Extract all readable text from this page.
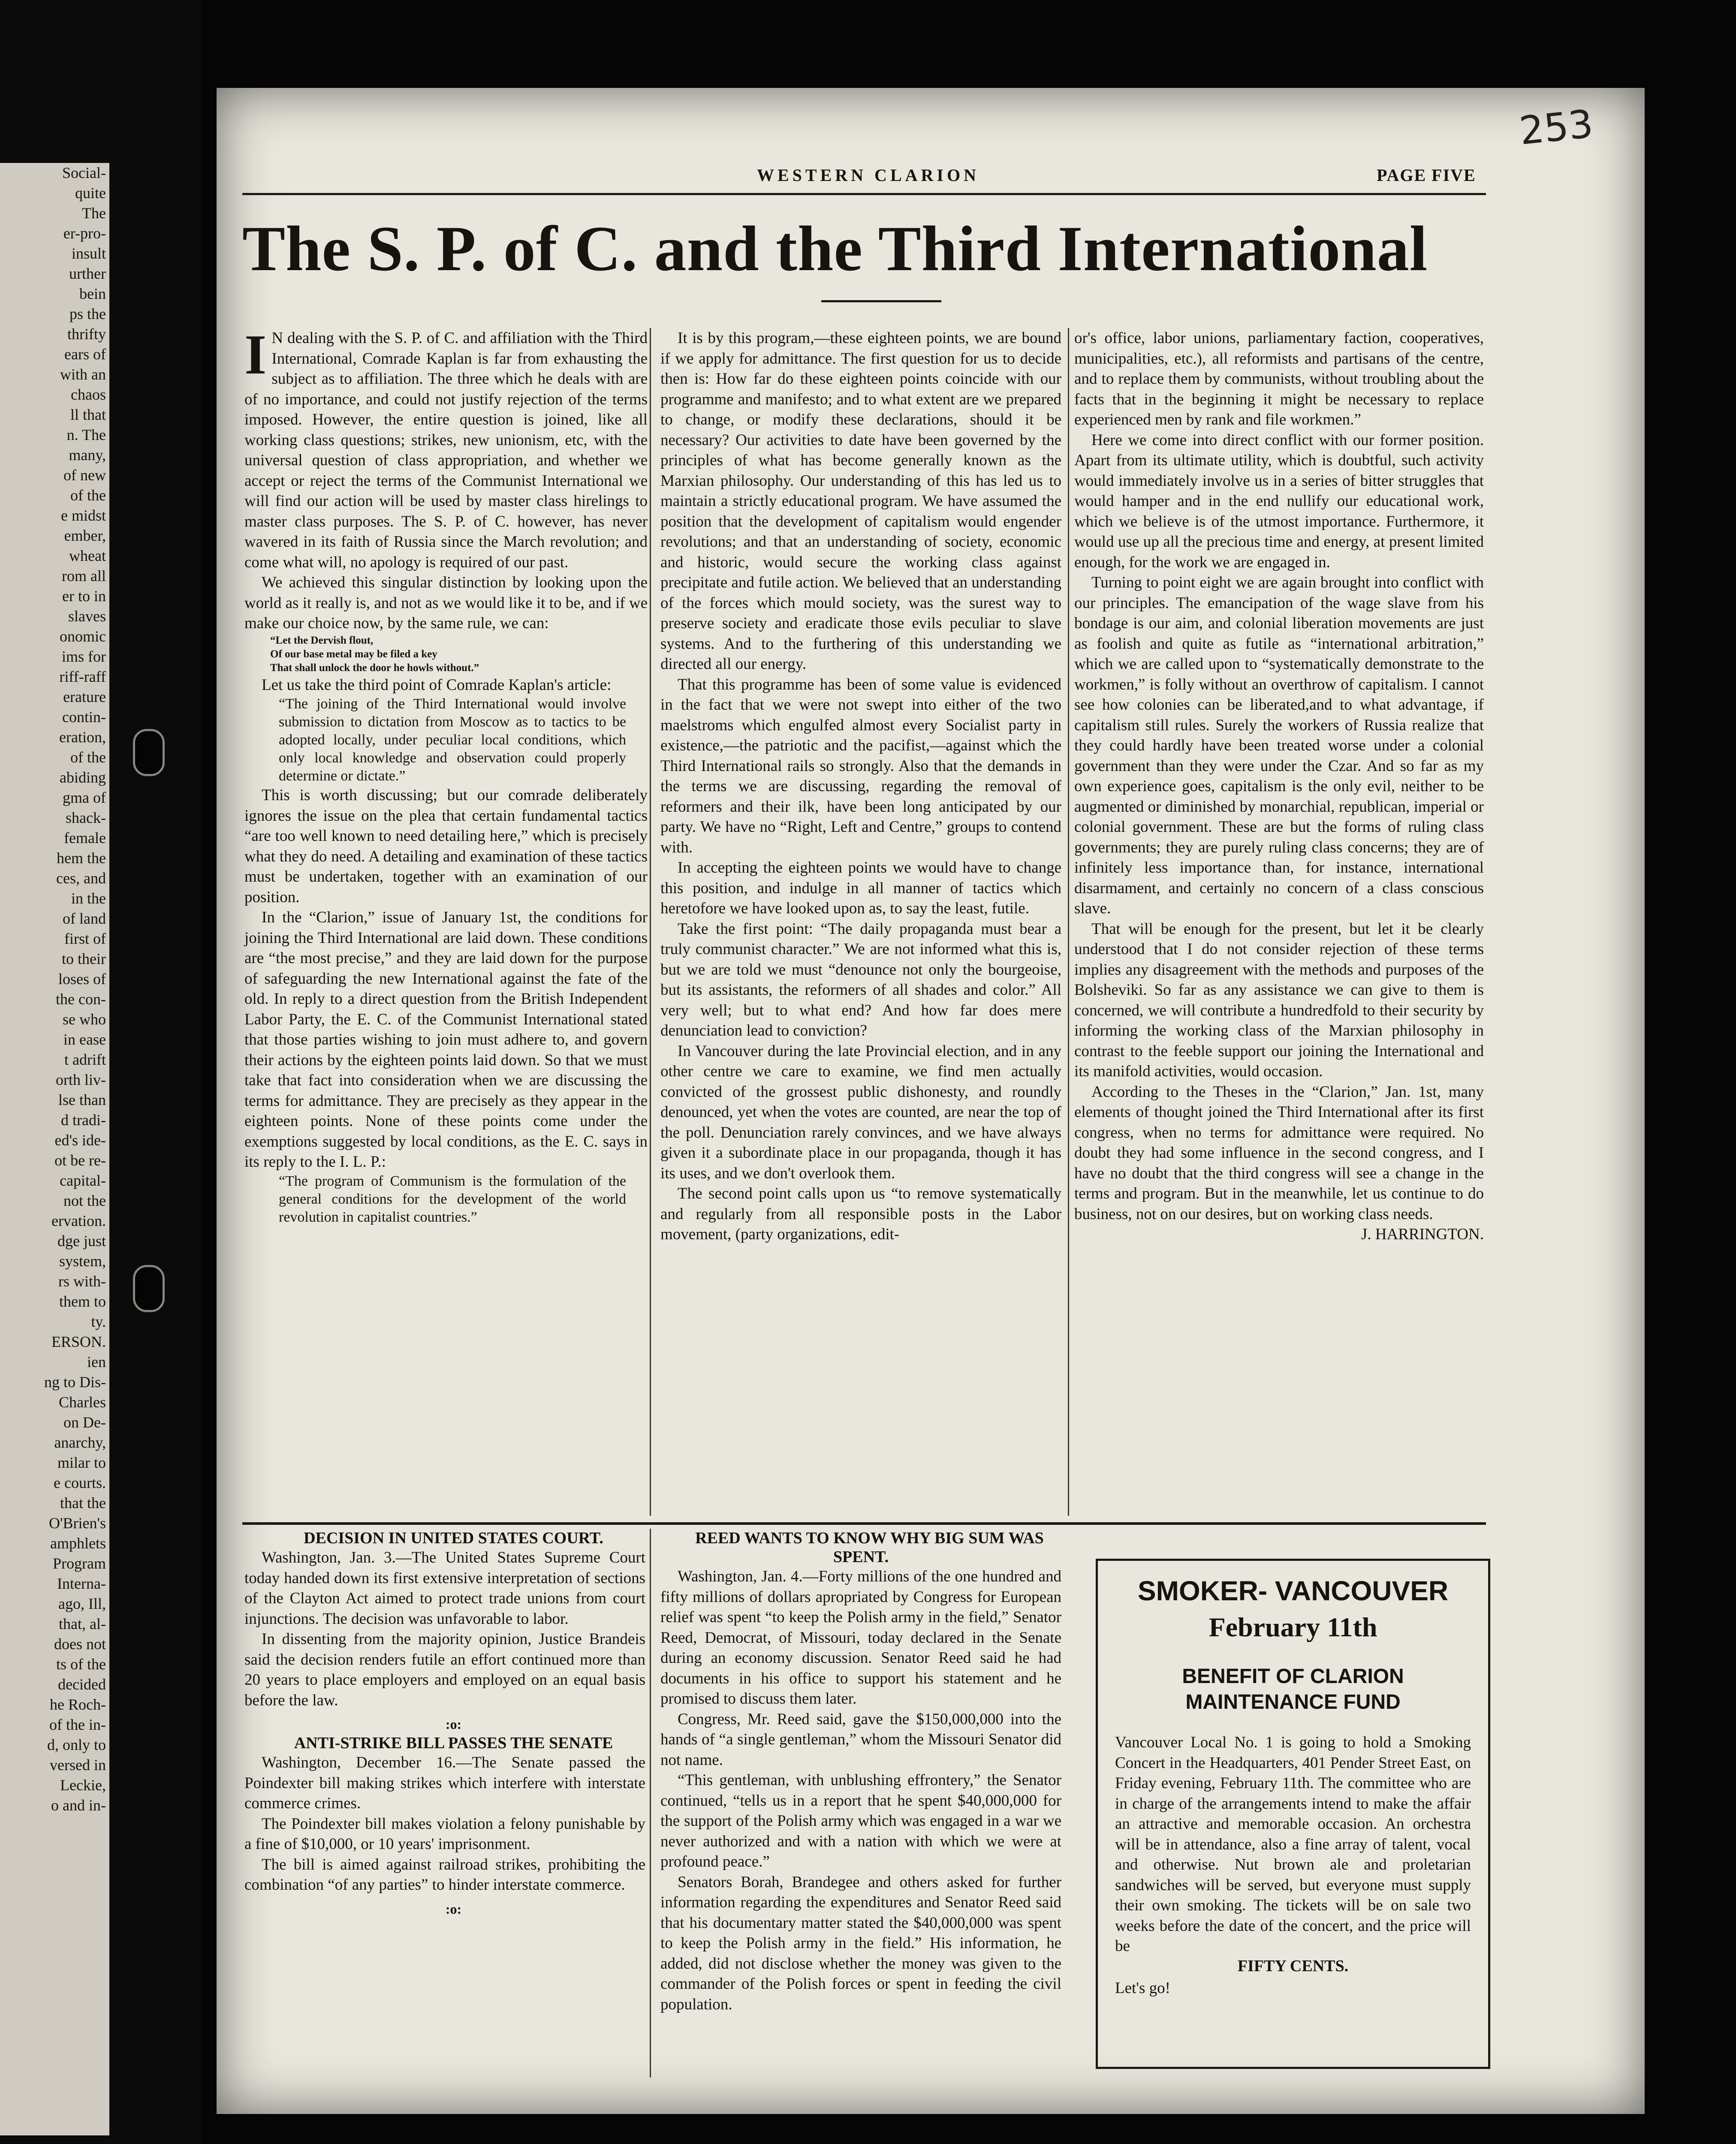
Social-
quite
The
er-pro-
insult
urther
bein
ps the
thrifty
ears of
with an
chaos
ll that
n. The
many,
of new
of the
e midst
ember,
wheat
rom all
er to in
slaves
onomic
ims for
riff-raff
erature
contin-
eration,
of the
abiding
gma of
shack-
female
hem the
ces, and
in the
of land
first of
to their
loses of
the con-
se who
in ease
t adrift
orth liv-
lse than
d tradi-
ed's ide-
ot be re-
capital-
not the
ervation.
dge just
system,
rs with-
them to
ty.
ERSON.
ien
ng to Dis-
Charles
on De-
anarchy,
milar to
e courts.
that the
O'Brien's
amphlets
Program
Interna-
ago, Ill,
that, al-
does not
ts of the
decided
he Roch-
of the in-
d, only to
versed in
Leckie,
o and in-
253
WESTERN CLARION	PAGE FIVE
The S. P. of C. and the Third International

I N dealing with the S. P. of C. and affiliation with the Third International, Comrade Kaplan is far from exhausting the subject as to affiliation. The three which he deals with are of no importance, and could not justify rejection of the terms imposed. However, the entire question is joined, like all working class questions; strikes, new unionism, etc, with the universal question of class appropriation, and whether we accept or reject the terms of the Communist International we will find our action will be used by master class hirelings to master class purposes. The S. P. of C. however, has never wavered in its faith of Russia since the March revolution; and come what will, no apology is required of our past.

We achieved this singular distinction by looking upon the world as it really is, and not as we would like it to be, and if we make our choice now, by the same rule, we can:

“Let the Dervish flout,

Of our base metal may be filed a key

That shall unlock the door he howls without.”

Let us take the third point of Comrade Kaplan's article:

“The joining of the Third International would involve submission to dictation from Moscow as to tactics to be adopted locally, under peculiar local conditions, which only local knowledge and observation could properly determine or dictate.”

This is worth discussing; but our comrade deliberately ignores the issue on the plea that certain fundamental tactics “are too well known to need detailing here,” which is precisely what they do need. A detailing and examination of these tactics must be undertaken, together with an examination of our position.

In the “Clarion,” issue of January 1st, the conditions for joining the Third International are laid down. These conditions are “the most precise,” and they are laid down for the purpose of safeguarding the new International against the fate of the old. In reply to a direct question from the British Independent Labor Party, the E. C. of the Communist International stated that those parties wishing to join must adhere to, and govern their actions by the eighteen points laid down. So that we must take that fact into consideration when we are discussing the terms for admittance. They are precisely as they appear in the eighteen points. None of these points come under the exemptions suggested by local conditions, as the E. C. says in its reply to the I. L. P.:

“The program of Communism is the formulation of the general conditions for the development of the world revolution in capitalist countries.”

It is by this program,—these eighteen points, we are bound if we apply for admittance. The first question for us to decide then is: How far do these eighteen points coincide with our programme and manifesto; and to what extent are we prepared to change, or modify these declarations, should it be necessary? Our activities to date have been governed by the principles of what has become generally known as the Marxian philosophy. Our understanding of this has led us to maintain a strictly educational program. We have assumed the position that the development of capitalism would engender revolutions; and that an understanding of society, economic and historic, would secure the working class against precipitate and futile action. We believed that an understanding of the forces which mould society, was the surest way to preserve society and eradicate those evils peculiar to slave systems. And to the furthering of this understanding we directed all our energy.

That this programme has been of some value is evidenced in the fact that we were not swept into either of the two maelstroms which engulfed almost every Socialist party in existence,—the patriotic and the pacifist,—against which the Third International rails so strongly. Also that the demands in the terms we are discussing, regarding the removal of reformers and their ilk, have been long anticipated by our party. We have no “Right, Left and Centre,” groups to contend with.

In accepting the eighteen points we would have to change this position, and indulge in all manner of tactics which heretofore we have looked upon as, to say the least, futile.

Take the first point: “The daily propaganda must bear a truly communist character.” We are not informed what this is, but we are told we must “denounce not only the bourgeoise, but its assistants, the reformers of all shades and color.” All very well; but to what end? And how far does mere denunciation lead to conviction?

In Vancouver during the late Provincial election, and in any other centre we care to examine, we find men actually convicted of the grossest public dishonesty, and roundly denounced, yet when the votes are counted, are near the top of the poll. Denunciation rarely convinces, and we have always given it a subordinate place in our propaganda, though it has its uses, and we don't overlook them.

The second point calls upon us “to remove systematically and regularly from all responsible posts in the Labor movement, (party organizations, edit-

or's office, labor unions, parliamentary faction, cooperatives, municipalities, etc.), all reformists and partisans of the centre, and to replace them by communists, without troubling about the facts that in the beginning it might be necessary to replace experienced men by rank and file workmen.”

Here we come into direct conflict with our former position. Apart from its ultimate utility, which is doubtful, such activity would immediately involve us in a series of bitter struggles that would hamper and in the end nullify our educational work, which we believe is of the utmost importance. Furthermore, it would use up all the precious time and energy, at present limited enough, for the work we are engaged in.

Turning to point eight we are again brought into conflict with our principles. The emancipation of the wage slave from his bondage is our aim, and colonial liberation movements are just as foolish and quite as futile as “international arbitration,” which we are called upon to “systematically demonstrate to the workmen,” is folly without an overthrow of capitalism. I cannot see how colonies can be liberated,and to what advantage, if capitalism still rules. Surely the workers of Russia realize that they could hardly have been treated worse under a colonial government than they were under the Czar. And so far as my own experience goes, capitalism is the only evil, neither to be augmented or diminished by monarchial, republican, imperial or colonial government. These are but the forms of ruling class governments; they are purely ruling class concerns; they are of infinitely less importance than, for instance, international disarmament, and certainly no concern of a class conscious slave.

That will be enough for the present, but let it be clearly understood that I do not consider rejection of these terms implies any disagreement with the methods and purposes of the Bolsheviki. So far as any assistance we can give to them is concerned, we will contribute a hundredfold to their security by informing the working class of the Marxian philosophy in contrast to the feeble support our joining the International and its manifold activities, would occasion.

According to the Theses in the “Clarion,” Jan. 1st, many elements of thought joined the Third International after its first congress, when no terms for admittance were required. No doubt they had some influence in the second congress, and I have no doubt that the third congress will see a change in the terms and program. But in the meanwhile, let us continue to do business, not on our desires, but on working class needs.

J. HARRINGTON.

DECISION IN UNITED STATES COURT.

Washington, Jan. 3.—The United States Supreme Court today handed down its first extensive interpretation of sections of the Clayton Act aimed to protect trade unions from court injunctions. The decision was unfavorable to labor.

In dissenting from the majority opinion, Justice Brandeis said the decision renders futile an effort continued more than 20 years to place employers and employed on an equal basis before the law.

:o:

ANTI-STRIKE BILL PASSES THE SENATE

Washington, December 16.—The Senate passed the Poindexter bill making strikes which interfere with interstate commerce crimes.

The Poindexter bill makes violation a felony punishable by a fine of $10,000, or 10 years' imprisonment.

The bill is aimed against railroad strikes, prohibiting the combination “of any parties” to hinder interstate commerce.

:o:

REED WANTS TO KNOW WHY BIG SUM WAS SPENT.

Washington, Jan. 4.—Forty millions of the one hundred and fifty millions of dollars apropriated by Congress for European relief was spent “to keep the Polish army in the field,” Senator Reed, Democrat, of Missouri, today declared in the Senate during an economy discussion. Senator Reed said he had documents in his office to support his statement and he promised to discuss them later.

Congress, Mr. Reed said, gave the $150,000,000 into the hands of “a single gentleman,” whom the Missouri Senator did not name.

“This gentleman, with unblushing effrontery,” the Senator continued, “tells us in a report that he spent $40,000,000 for the support of the Polish army which was engaged in a war we never authorized and with a nation with which we were at profound peace.”

Senators Borah, Brandegee and others asked for further information regarding the expenditures and Senator Reed said that his documentary matter stated the $40,000,000 was spent to keep the Polish army in the field.” His information, he added, did not disclose whether the money was given to the commander of the Polish forces or spent in feeding the civil population.

SMOKER- VANCOUVER
February 11th
BENEFIT OF CLARION MAINTENANCE FUND
Vancouver Local No. 1 is going to hold a Smoking Concert in the Headquarters, 401 Pender Street East, on Friday evening, February 11th. The committee who are in charge of the arrangements intend to make the affair an attractive and memorable occasion. An orchestra will be in attendance, also a fine array of talent, vocal and otherwise. Nut brown ale and proletarian sandwiches will be served, but everyone must supply their own smoking. The tickets will be on sale two weeks before the date of the concert, and the price will be
FIFTY CENTS.
Let's go!
